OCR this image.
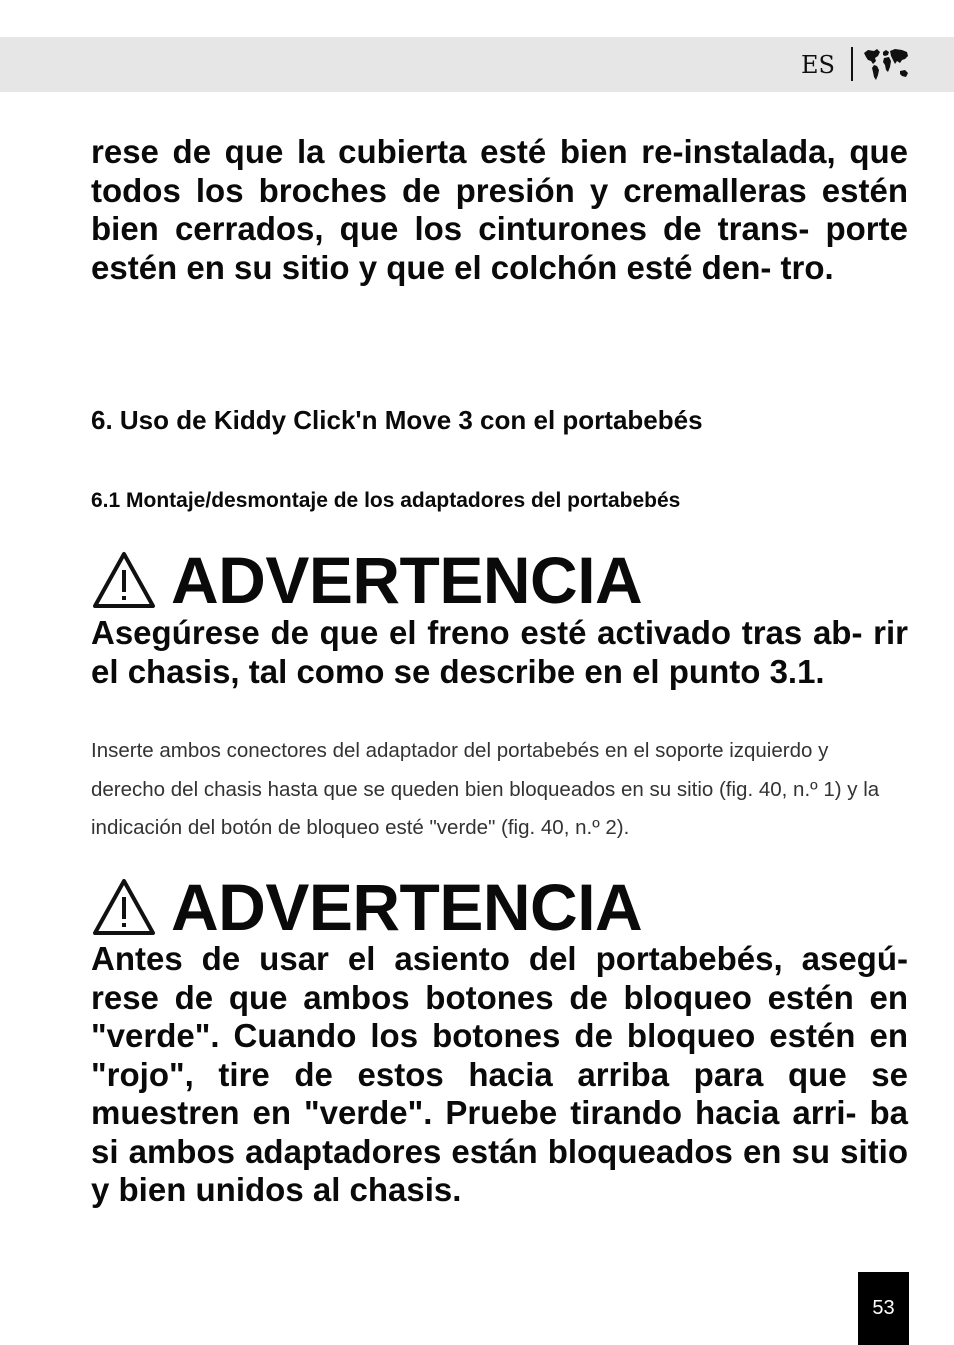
ES

rese de que la cubierta esté bien re-instalada, que todos los broches de presión y cremalleras estén bien cerrados, que los cinturones de trans- porte estén en su sitio y que el colchón esté den- tro.

6. Uso de Kiddy Click'n Move 3 con el portabebés
6.1 Montaje/desmontaje de los adaptadores del portabebés
ADVERTENCIA

Asegúrese de que el freno esté activado tras ab- rir el chasis, tal como se describe en el punto 3.1.

Inserte ambos conectores del adaptador del portabebés en el soporte izquierdo y derecho del chasis hasta que se queden bien bloqueados en su sitio (fig. 40, n.º 1) y la indicación del botón de bloqueo esté "verde" (fig. 40, n.º 2).

ADVERTENCIA

Antes de usar el asiento del portabebés, asegú- rese de que ambos botones de bloqueo estén en "verde". Cuando los botones de bloqueo estén en "rojo", tire de estos hacia arriba para que se muestren en "verde". Pruebe tirando hacia arri- ba si ambos adaptadores están bloqueados en su sitio y bien unidos al chasis.

53
